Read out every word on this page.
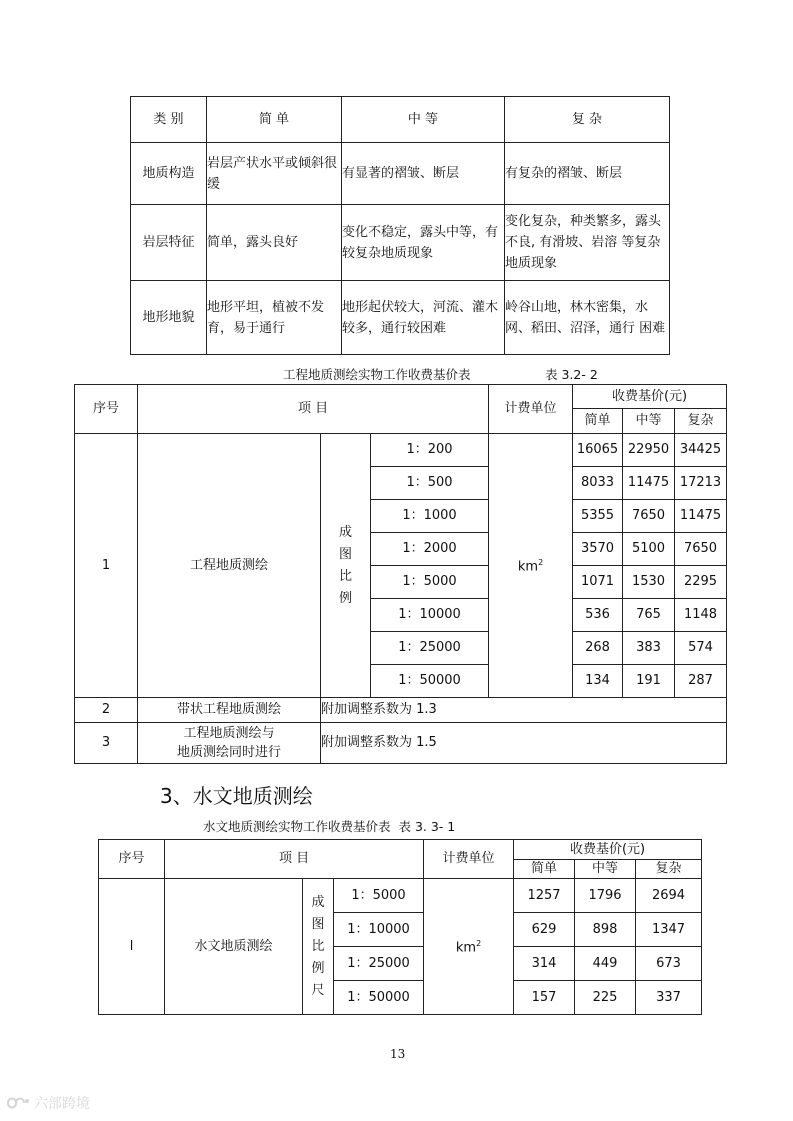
类 别	简 单	中 等	复 杂
地质构造	岩层产状水平或倾斜很缓	有显著的褶皱、断层	有复杂的褶皱、断层
岩层特征	简单，露头良好	变化不稳定，露头中等，有较复杂地质现象	变化复杂，种类繁多，露头不良, 有滑坡、岩溶 等复杂地质现象
地形地貌	地形平坦，植被不发育，易于通行	地形起伏较大，河流、灌木较多，通行较困难	岭谷山地，林木密集，水网、稻田、沼泽，通行 困难
工程地质测绘实物工作收费基价表	表 3.2- 2
序号	项 目			计费单位	收费基价(元)		
					简单	中等	复杂
1	工程地质测绘	成图比例	1：200	$km^2$	16065	22950	34425
			1：500		8033	11475	17213
			1：1000		5355	7650	11475
			1：2000		3570	5100	7650
			1：5000		1071	1530	2295
			1：10000		536	765	1148
			1：25000		268	383	574
			1：50000		134	191	287
2	带状工程地质测绘	附加调整系数为 1.3					
3	工程地质测绘与
地质测绘同时进行	附加调整系数为 1.5					
3、水文地质测绘
水文地质测绘实物工作收费基价表 表 3. 3- 1
序号	项 目			计费单位	收费基价(元)		
					简单	中等	复杂
l	水文地质测绘	成图比例尺	1：5000	$km^2$	1257	1796	2694
			1：10000		629	898	1347
			1：25000		314	449	673
			1：50000		157	225	337
13
六部跨境
